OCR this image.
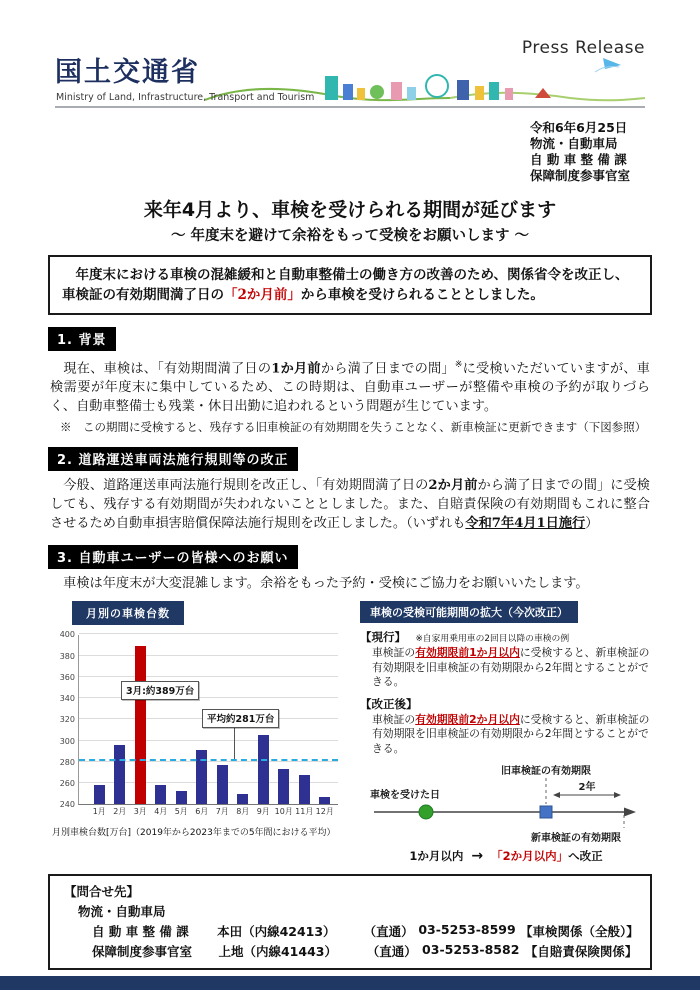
国土交通省
Press Release
Ministry of Land, Infrastructure, Transport and Tourism
令和6年6月25日
物流・自動車局
自 動 車 整 備 課
保障制度参事官室
来年4月より、車検を受けられる期間が延びます
～ 年度末を避けて余裕をもって受検をお願いします ～
　年度末における車検の混雑緩和と自動車整備士の働き方の改善のため、関係省令を改正し、車検証の有効期間満了日の「2か月前」から車検を受けられることとしました。
1. 背景
　現在、車検は、「有効期間満了日の1か月前から満了日までの間」※に受検いただいていますが、車検需要が年度末に集中しているため、この時期は、自動車ユーザーが整備や車検の予約が取りづらく、自動車整備士も残業・休日出勤に追われるという問題が生じています。
※　この期間に受検すると、残存する旧車検証の有効期間を失うことなく、新車検証に更新できます（下図参照）
2. 道路運送車両法施行規則等の改正
　今般、道路運送車両法施行規則を改正し、「有効期間満了日の2か月前から満了日までの間」に受検しても、残存する有効期間が失われないこととしました。また、自賠責保険の有効期間もこれに整合させるため自動車損害賠償保障法施行規則を改正しました。（いずれも令和7年4月1日施行）
3. 自動車ユーザーの皆様へのお願い
　車検は年度末が大変混雑します。余裕をもった予約・受検にご協力をお願いいたします。
月別の車検台数
3月:約389万台
平均約281万台
240
260
280
300
320
340
360
380
400
1月 2月 3月 4月 5月 6月 7月 8月 9月 10月 11月 12月
月別車検台数[万台]（2019年から2023年までの5年間における平均）
車検の受検可能期間の拡大（今次改正）
【現行】 ※自家用乗用車の2回目以降の車検の例
車検証の有効期限前1か月以内に受検すると、新車検証の有効期限を旧車検証の有効期限から2年間とすることができる。
【改正後】
車検証の有効期限前2か月以内に受検すると、新車検証の有効期限を旧車検証の有効期限から2年間とすることができる。
旧車検証の有効期限
車検を受けた日
2年
新車検証の有効期限
1か月以内 → 「2か月以内」へ改正
【問合せ先】
物流・自動車局
自 動 車 整 備 課	本田（内線42413）	（直通） 03-5253-8599 【車検関係（全般）】
保障制度参事官室	上地（内線41443）	（直通） 03-5253-8582 【自賠責保険関係】
